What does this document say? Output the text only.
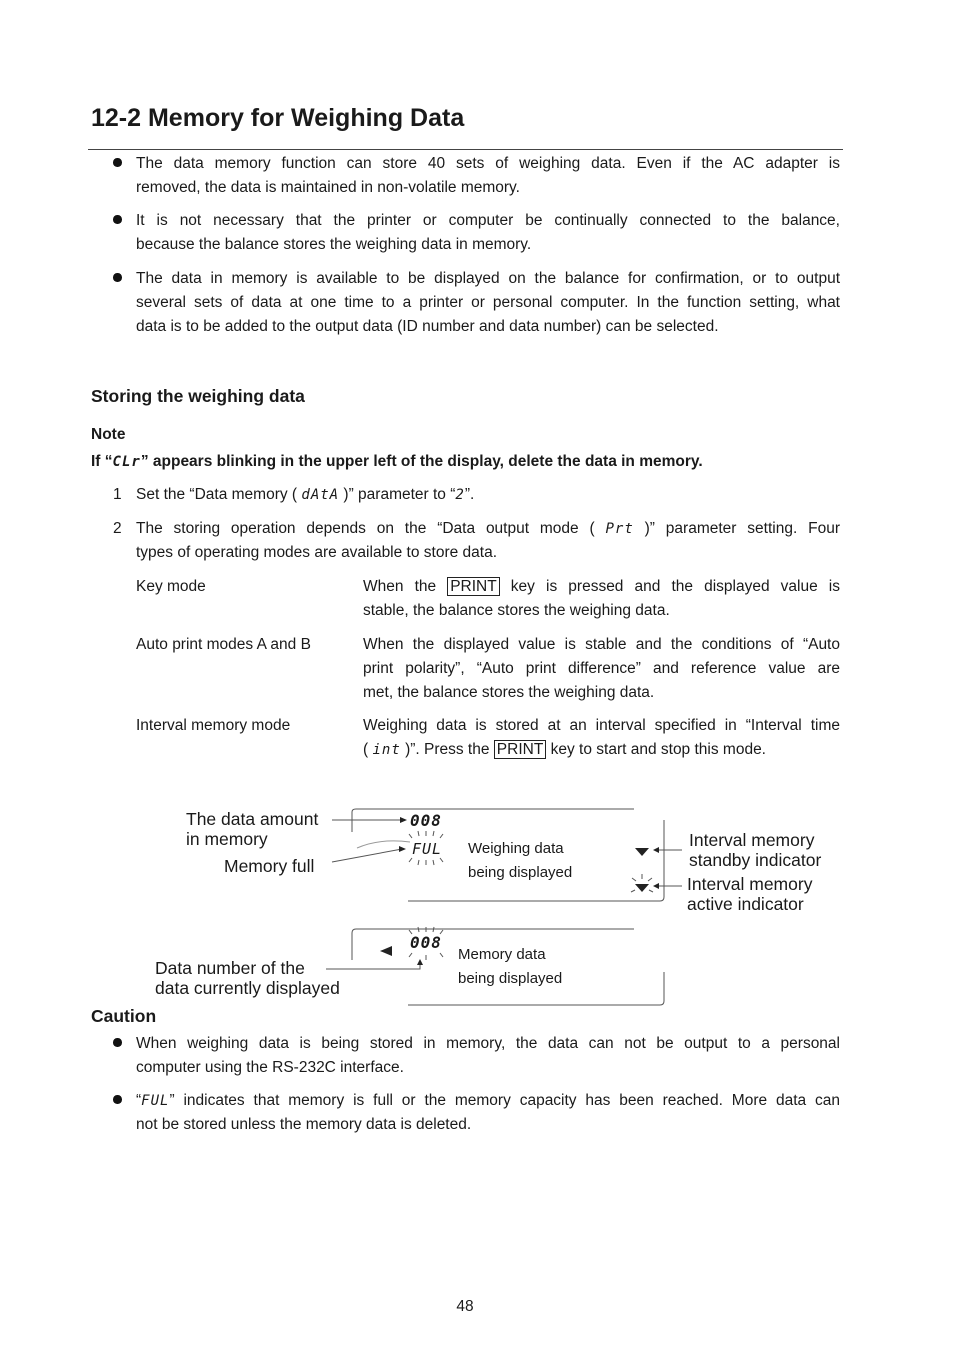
12-2 Memory for Weighing Data
The data memory function can store 40 sets of weighing data. Even if the AC adapter is
removed, the data is maintained in non-volatile memory.
It is not necessary that the printer or computer be continually connected to the balance,
because the balance stores the weighing data in memory.
The data in memory is available to be displayed on the balance for confirmation, or to output
several sets of data at one time to a printer or personal computer. In the function setting, what
data is to be added to the output data (ID number and data number) can be selected.
Storing the weighing data
Note
If “CLr” appears blinking in the upper left of the display, delete the data in memory.
1 Set the “Data memory ( dAtA )” parameter to “2”.
2 The storing operation depends on the “Data output mode ( Prt )” parameter setting. Four
types of operating modes are available to store data.
Key mode	When the PRINT key is pressed and the displayed value is
stable, the balance stores the weighing data.
Auto print modes A and B	When the displayed value is stable and the conditions of “Auto
print polarity”, “Auto print difference” and reference value are
met, the balance stores the weighing data.
Interval memory mode	Weighing data is stored at an interval specified in “Interval time
( int )”. Press the PRINT key to start and stop this mode.
The data amount
in memory
Memory full
008
FUL Weighing data
being displayed
Interval memory
standby indicator
Interval memory
active indicator
008
Memory data
being displayed
Data number of the
data currently displayed
Caution
When weighing data is being stored in memory, the data can not be output to a personal
computer using the RS-232C interface.
“FUL” indicates that memory is full or the memory capacity has been reached. More data can
not be stored unless the memory data is deleted.
48
